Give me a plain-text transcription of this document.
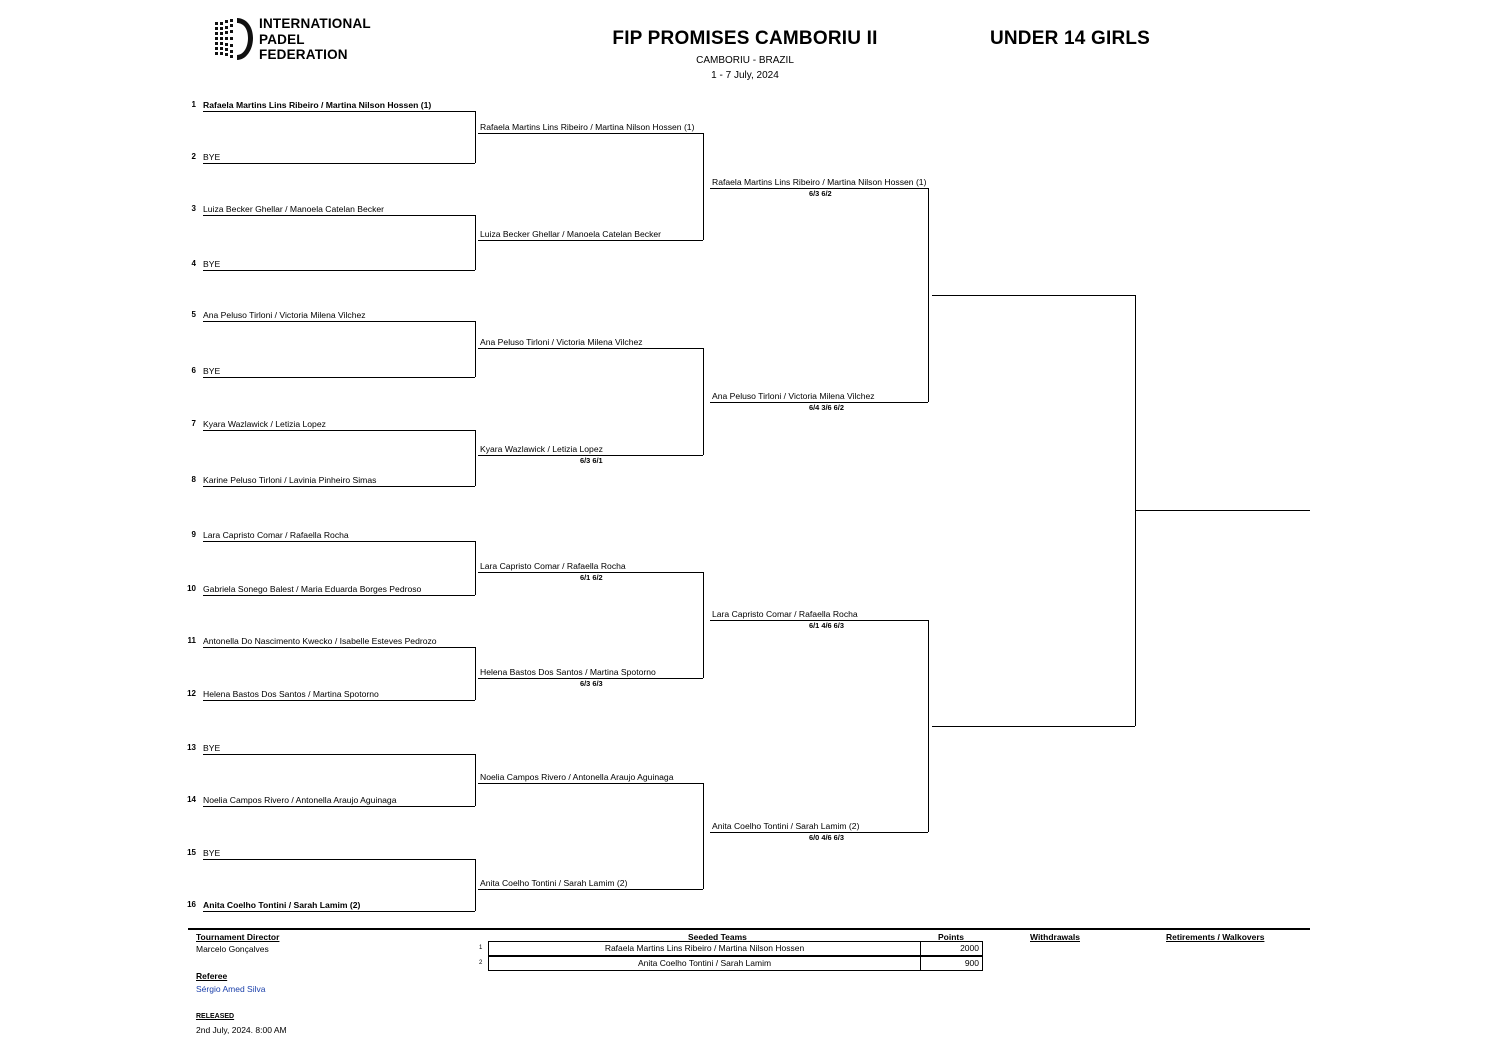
INTERNATIONAL
PADEL
FEDERATION
FIP PROMISES CAMBORIU II	UNDER 14 GIRLS
CAMBORIU - BRAZIL
1 - 7 July, 2024
1 Rafaela Martins Lins Ribeiro / Martina Nilson Hossen (1)
2 BYE
3 Luiza Becker Ghellar / Manoela Catelan Becker
4 BYE
5 Ana Peluso Tirloni / Victoria Milena Vilchez
6 BYE
7 Kyara Wazlawick / Letizia Lopez
8 Karine Peluso Tirloni / Lavinia Pinheiro Simas
9 Lara Capristo Comar / Rafaella Rocha
10 Gabriela Sonego Balest / Maria Eduarda Borges Pedroso
11 Antonella Do Nascimento Kwecko / Isabelle Esteves Pedrozo
12 Helena Bastos Dos Santos / Martina Spotorno
13 BYE
14 Noelia Campos Rivero / Antonella Araujo Aguinaga
15 BYE
16 Anita Coelho Tontini / Sarah Lamim (2)
Rafaela Martins Lins Ribeiro / Martina Nilson Hossen (1)
Luiza Becker Ghellar / Manoela Catelan Becker
Ana Peluso Tirloni / Victoria Milena Vilchez
Kyara Wazlawick / Letizia Lopez
6/3 6/1
Lara Capristo Comar / Rafaella Rocha
6/1 6/2
Helena Bastos Dos Santos / Martina Spotorno
6/3 6/3
Noelia Campos Rivero / Antonella Araujo Aguinaga
Anita Coelho Tontini / Sarah Lamim (2)
Rafaela Martins Lins Ribeiro / Martina Nilson Hossen (1)
6/3 6/2
Ana Peluso Tirloni / Victoria Milena Vilchez
6/4 3/6 6/2
Lara Capristo Comar / Rafaella Rocha
6/1 4/6 6/3
Anita Coelho Tontini / Sarah Lamim (2)
6/0 4/6 6/3
Tournament Director
Marcelo Gonçalves
Referee
Sérgio Amed Silva
RELEASED
2nd July, 2024. 8:00 AM
Seeded Teams	Points	Withdrawals	Retirements / Walkovers
1	Rafaela Martins Lins Ribeiro / Martina Nilson Hossen	2000
2	Anita Coelho Tontini / Sarah Lamim	900
